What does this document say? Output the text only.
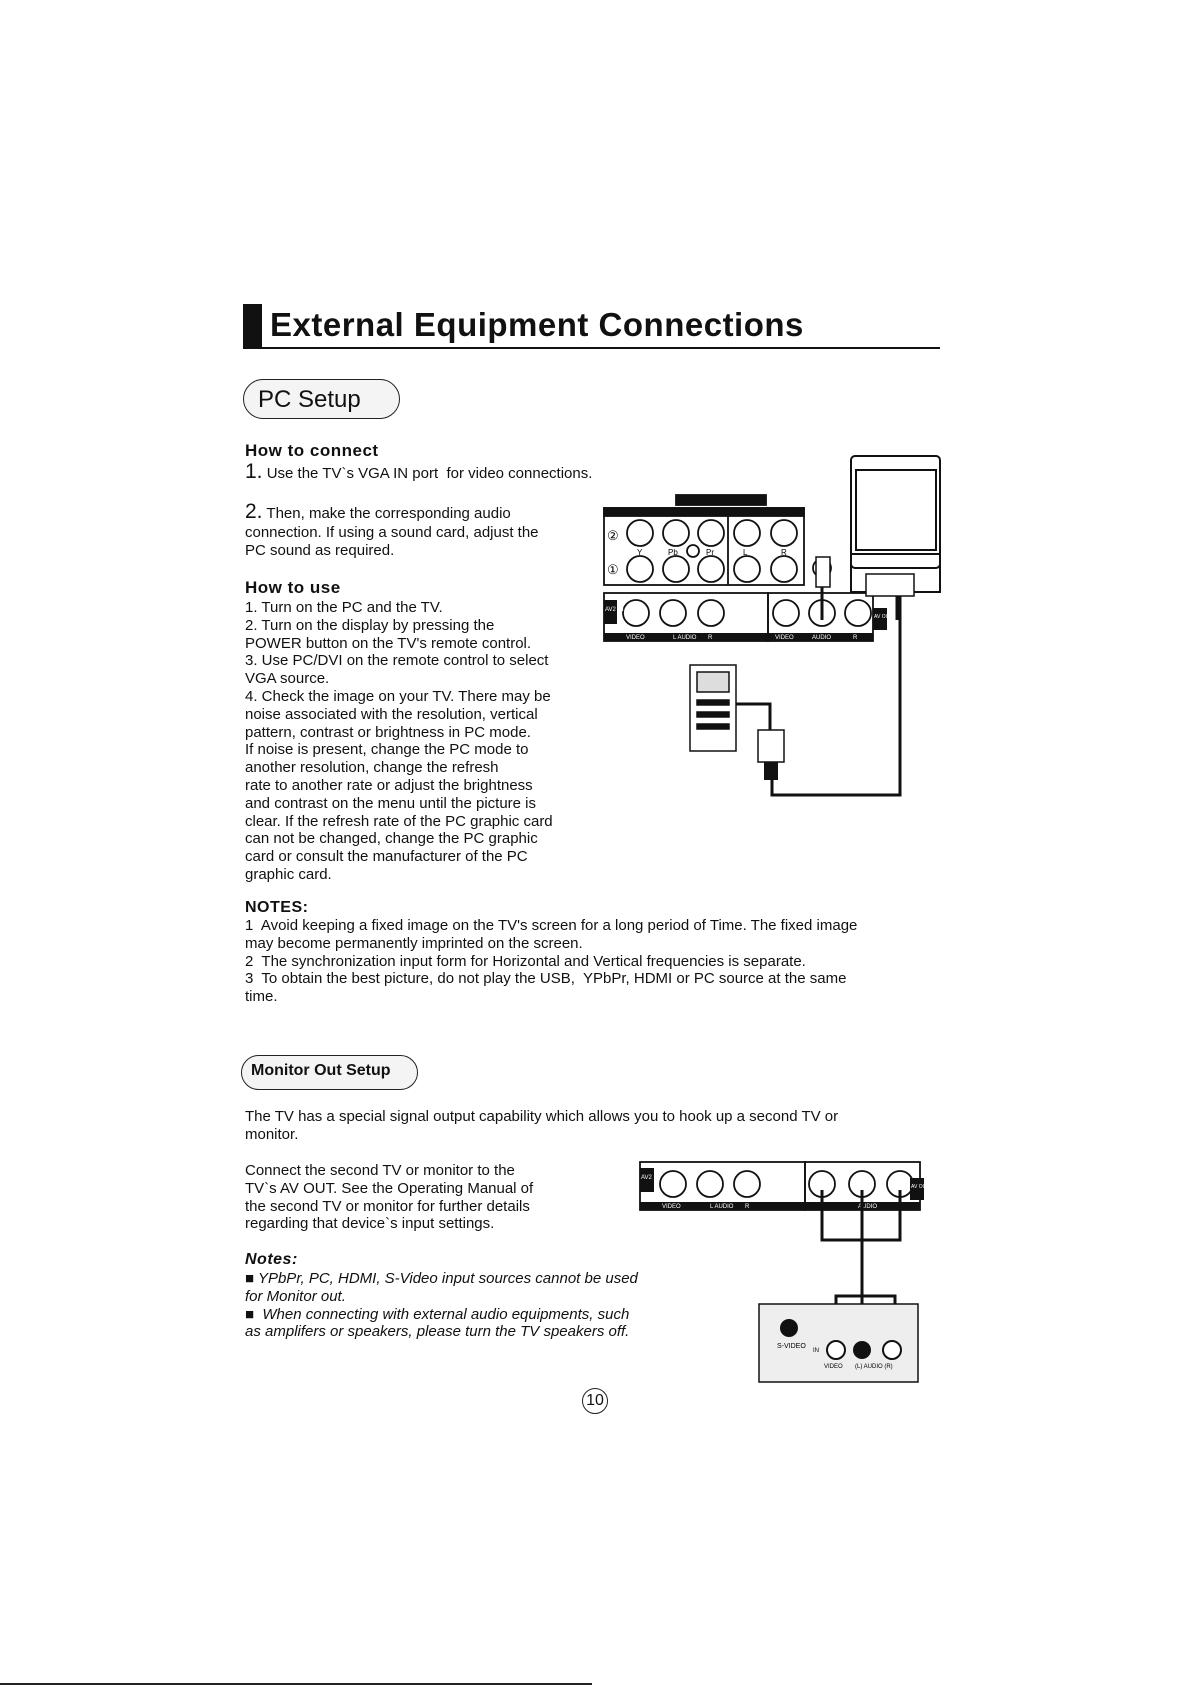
External Equipment Connections
PC Setup
How to connect
1. Use the TV`s VGA IN port  for video connections.
2. Then, make the corresponding audio
connection. If using a sound card, adjust the
PC sound as required.
How to use
1. Turn on the PC and the TV.
2. Turn on the display by pressing the
POWER button on the TV's remote control.
3. Use PC/DVI on the remote control to select
VGA source.
4. Check the image on your TV. There may be
noise associated with the resolution, vertical
pattern, contrast or brightness in PC mode.
If noise is present, change the PC mode to
another resolution, change the refresh
rate to another rate or adjust the brightness
and contrast on the menu until the picture is
clear. If the refresh rate of the PC graphic card
can not be changed, change the PC graphic
card or consult the manufacturer of the PC
graphic card.
NOTES:
1  Avoid keeping a fixed image on the TV's screen for a long period of Time. The fixed image
may become permanently imprinted on the screen.
2  The synchronization input form for Horizontal and Vertical frequencies is separate.
3  To obtain the best picture, do not play the USB,  YPbPr, HDMI or PC source at the same
time.
Monitor Out Setup
The TV has a special signal output capability which allows you to hook up a second TV or
monitor.
Connect the second TV or monitor to the
TV`s AV OUT. See the Operating Manual of
the second TV or monitor for further details
regarding that device`s input settings.
Notes:
■ YPbPr, PC, HDMI, S-Video input sources cannot be used
for Monitor out.
■  When connecting with external audio equipments, such
as amplifers or speakers, please turn the TV speakers off.
②
①
Y	Pb	Pr	L	R
VIDEO	L AUDIO R	VIDEO	AUDIO	R
AV2 IN
AV OUT
VIDEO	L AUDIO R	AUDIO
AV2 IN
AV OUT
S-VIDEO
IN
VIDEO (L) AUDIO (R)
10
